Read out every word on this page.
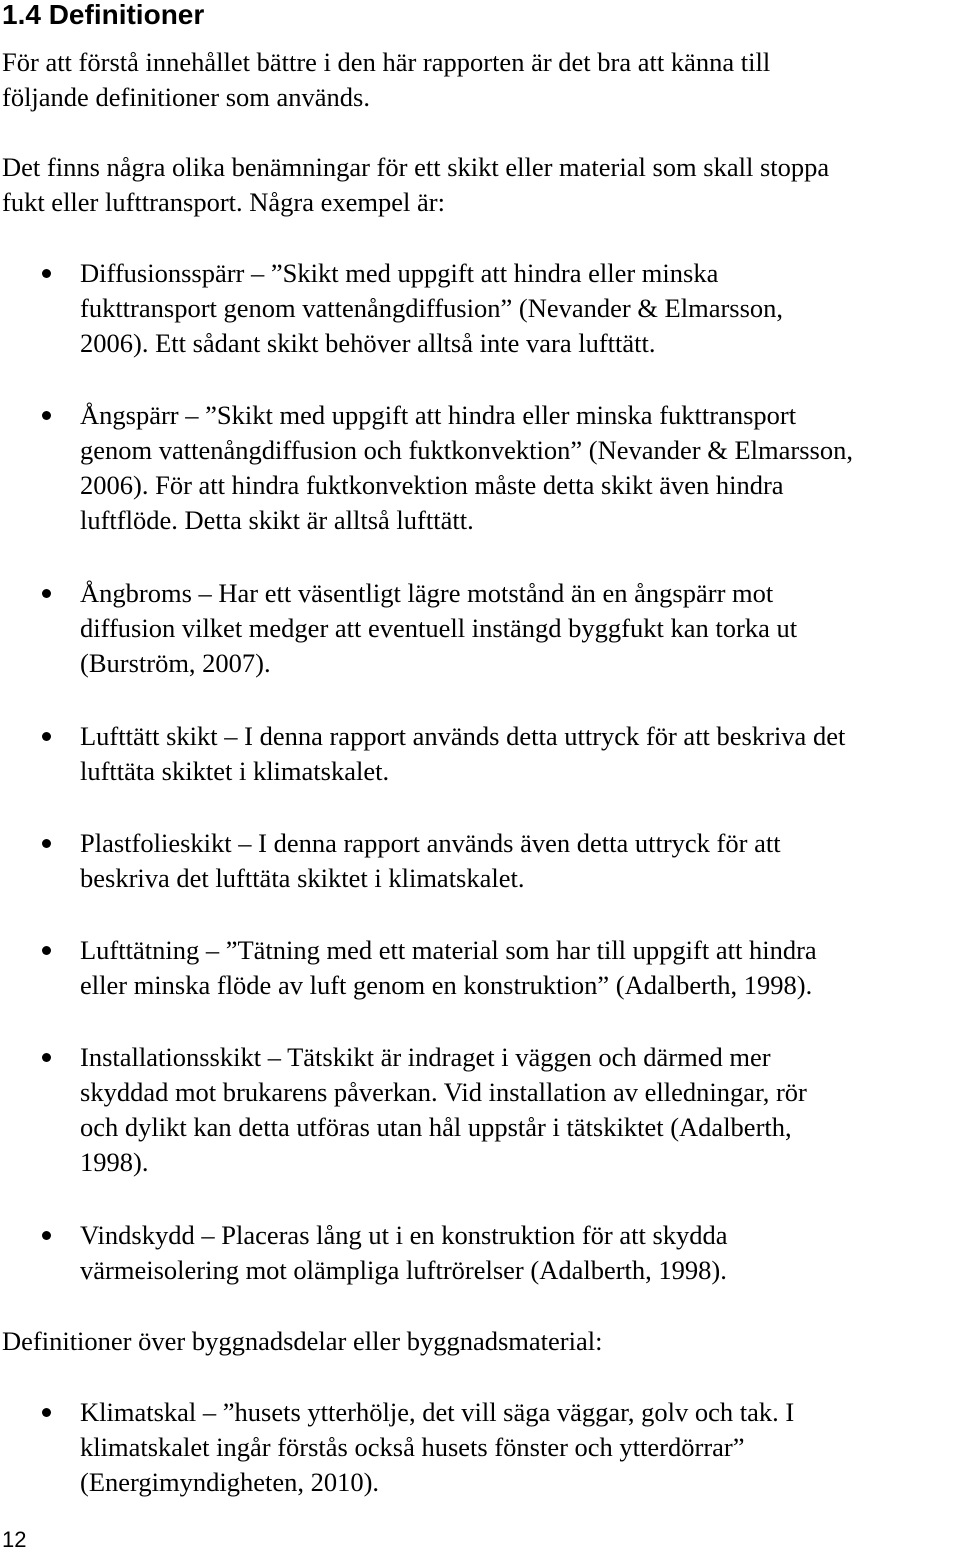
1.4 Definitioner

För att förstå innehållet bättre i den här rapporten är det bra att känna till
följande definitioner som används.

Det finns några olika benämningar för ett skikt eller material som skall stoppa
fukt eller lufttransport. Några exempel är:

Diffusionsspärr – ”Skikt med uppgift att hindra eller minska
fukttransport genom vattenångdiffusion” (Nevander & Elmarsson,
2006). Ett sådant skikt behöver alltså inte vara lufttätt.

Ångspärr – ”Skikt med uppgift att hindra eller minska fukttransport
genom vattenångdiffusion och fuktkonvektion” (Nevander & Elmarsson,
2006). För att hindra fuktkonvektion måste detta skikt även hindra
luftflöde. Detta skikt är alltså lufttätt.

Ångbroms – Har ett väsentligt lägre motstånd än en ångspärr mot
diffusion vilket medger att eventuell instängd byggfukt kan torka ut
(Burström, 2007).

Lufttätt skikt – I denna rapport används detta uttryck för att beskriva det
lufttäta skiktet i klimatskalet.

Plastfolieskikt – I denna rapport används även detta uttryck för att
beskriva det lufttäta skiktet i klimatskalet.

Lufttätning – ”Tätning med ett material som har till uppgift att hindra
eller minska flöde av luft genom en konstruktion” (Adalberth, 1998).

Installationsskikt – Tätskikt är indraget i väggen och därmed mer
skyddad mot brukarens påverkan. Vid installation av elledningar, rör
och dylikt kan detta utföras utan hål uppstår i tätskiktet (Adalberth,
1998).

Vindskydd – Placeras lång ut i en konstruktion för att skydda
värmeisolering mot olämpliga luftrörelser (Adalberth, 1998).

Definitioner över byggnadsdelar eller byggnadsmaterial:

Klimatskal – ”husets ytterhölje, det vill säga väggar, golv och tak. I
klimatskalet ingår förstås också husets fönster och ytterdörrar”
(Energimyndigheten, 2010).

12
